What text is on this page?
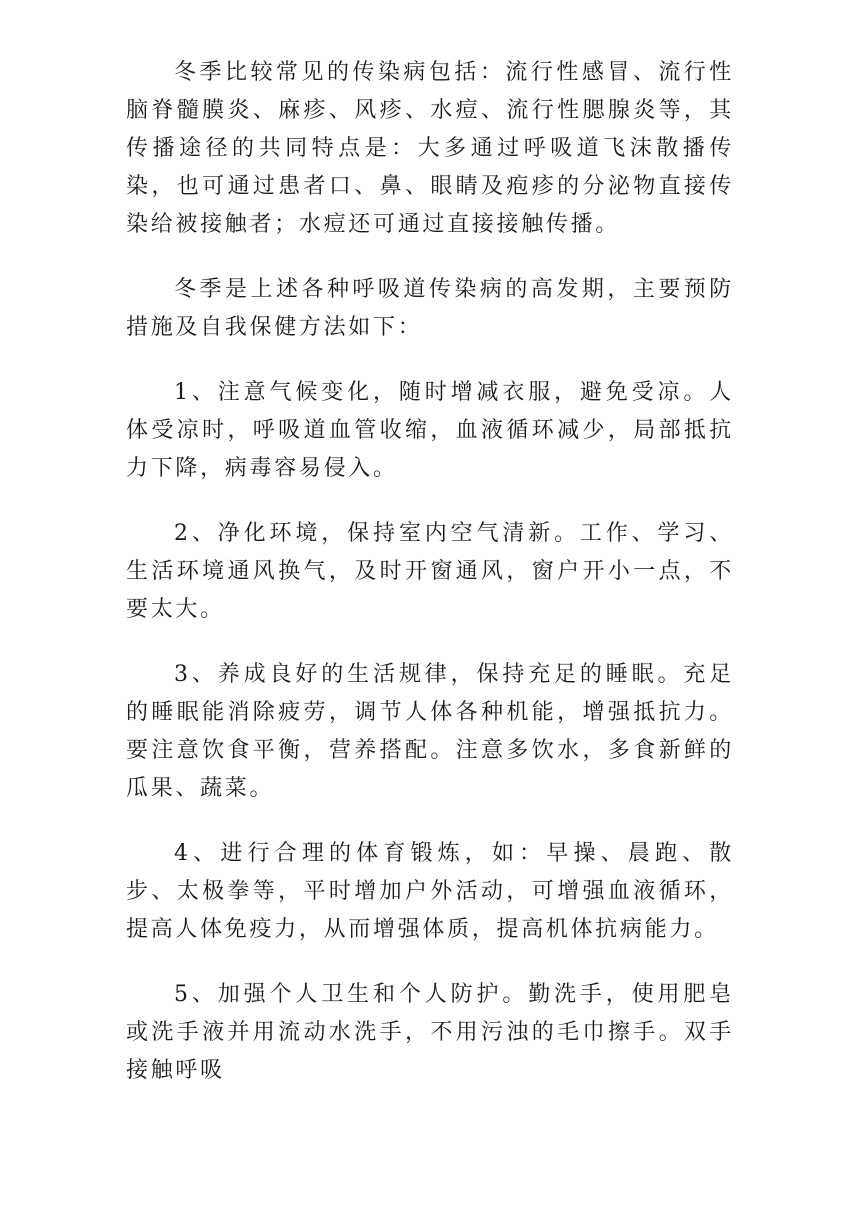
冬季比较常见的传染病包括：流行性感冒、流行性脑脊髓膜炎、麻疹、风疹、水痘、流行性腮腺炎等，其传播途径的共同特点是：大多通过呼吸道飞沫散播传染，也可通过患者口、鼻、眼睛及疱疹的分泌物直接传染给被接触者；水痘还可通过直接接触传播。

冬季是上述各种呼吸道传染病的高发期，主要预防措施及自我保健方法如下：

1、注意气候变化，随时增减衣服，避免受凉。人体受凉时，呼吸道血管收缩，血液循环减少，局部抵抗力下降，病毒容易侵入。

2、净化环境，保持室内空气清新。工作、学习、生活环境通风换气，及时开窗通风，窗户开小一点，不要太大。

3、养成良好的生活规律，保持充足的睡眠。充足的睡眠能消除疲劳，调节人体各种机能，增强抵抗力。要注意饮食平衡，营养搭配。注意多饮水，多食新鲜的瓜果、蔬菜。

4、进行合理的体育锻炼，如：早操、晨跑、散步、太极拳等，平时增加户外活动，可增强血液循环，提高人体免疫力，从而增强体质，提高机体抗病能力。

5、加强个人卫生和个人防护。勤洗手，使用肥皂或洗手液并用流动水洗手，不用污浊的毛巾擦手。双手接触呼吸
